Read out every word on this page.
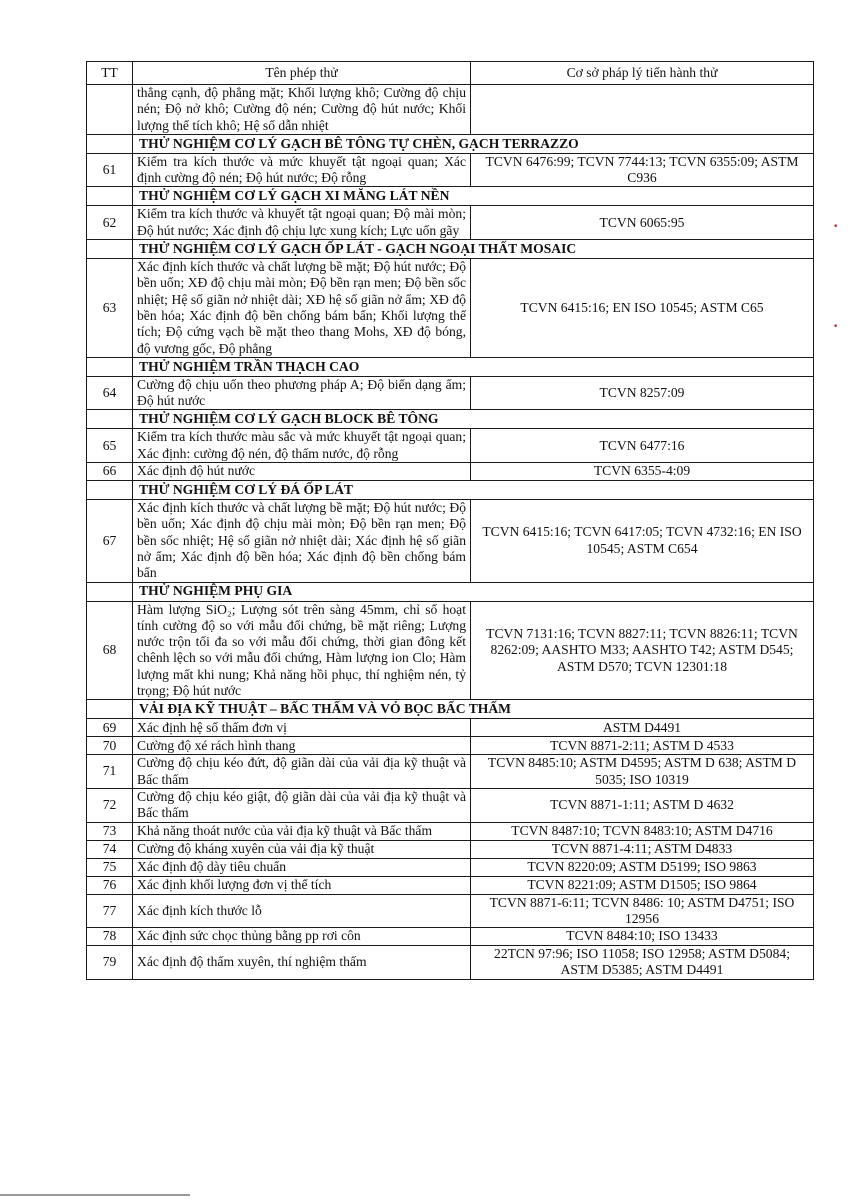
TT	Tên phép thử	Cơ sở pháp lý tiến hành thử
	thẳng cạnh, độ phẳng mặt; Khối lượng khô; Cường độ chịu nén; Độ nở khô; Cường độ nén; Cường độ hút nước; Khối lượng thể tích khô; Hệ số dẫn nhiệt	
	THỬ NGHIỆM CƠ LÝ GẠCH BÊ TÔNG TỰ CHÈN, GẠCH TERRAZZO	
61	Kiểm tra kích thước và mức khuyết tật ngoại quan; Xác định cường độ nén; Độ hút nước; Độ rỗng	TCVN 6476:99; TCVN 7744:13; TCVN 6355:09; ASTM C936
	THỬ NGHIỆM CƠ LÝ GẠCH XI MĂNG LÁT NỀN	
62	Kiểm tra kích thước và khuyết tật ngoại quan; Độ mài mòn; Độ hút nước; Xác định độ chịu lực xung kích; Lực uốn gãy	TCVN 6065:95
	THỬ NGHIỆM CƠ LÝ GẠCH ỐP LÁT - GẠCH NGOẠI THẤT MOSAIC	
63	Xác định kích thước và chất lượng bề mặt; Độ hút nước; Độ bền uốn; XĐ độ chịu mài mòn; Độ bền rạn men; Độ bền sốc nhiệt; Hệ số giãn nở nhiệt dài; XĐ hệ số giãn nở ẩm; XĐ độ bền hóa; Xác định độ bền chống bám bẩn; Khối lượng thể tích; Độ cứng vạch bề mặt theo thang Mohs, XĐ độ bóng, độ vương gốc, Độ phẳng	TCVN 6415:16; EN ISO 10545; ASTM C65
	THỬ NGHIỆM TRẦN THẠCH CAO	
64	Cường độ chịu uốn theo phương pháp A; Độ biến dạng ẩm; Độ hút nước	TCVN 8257:09
	THỬ NGHIỆM CƠ LÝ GẠCH BLOCK BÊ TÔNG	
65	Kiểm tra kích thước màu sắc và mức khuyết tật ngoại quan; Xác định: cường độ nén, độ thấm nước, độ rỗng	TCVN 6477:16
66	Xác định độ hút nước	TCVN 6355-4:09
	THỬ NGHIỆM CƠ LÝ ĐÁ ỐP LÁT	
67	Xác định kích thước và chất lượng bề mặt; Độ hút nước; Độ bền uốn; Xác định độ chịu mài mòn; Độ bền rạn men; Độ bền sốc nhiệt; Hệ số giãn nở nhiệt dài; Xác định hệ số giãn nở ẩm; Xác định độ bền hóa; Xác định độ bền chống bám bẩn	TCVN 6415:16; TCVN 6417:05; TCVN 4732:16; EN ISO 10545; ASTM C654
	THỬ NGHIỆM PHỤ GIA	
68	Hàm lượng SiO₂; Lượng sót trên sàng 45mm, chỉ số hoạt tính cường độ so với mẫu đối chứng, bề mặt riêng; Lượng nước trộn tối đa so với mẫu đối chứng, thời gian đông kết chênh lệch so với mẫu đối chứng, Hàm lượng ion Clo; Hàm lượng mất khi nung; Khả năng hồi phục, thí nghiệm nén, tỷ trọng; Độ hút nước	TCVN 7131:16; TCVN 8827:11; TCVN 8826:11; TCVN 8262:09; AASHTO M33; AASHTO T42; ASTM D545; ASTM D570; TCVN 12301:18
	VẢI ĐỊA KỸ THUẬT – BẤC THẤM VÀ VỎ BỌC BẤC THẤM	
69	Xác định hệ số thấm đơn vị	ASTM D4491
70	Cường độ xé rách hình thang	TCVN 8871-2:11; ASTM D 4533
71	Cường độ chịu kéo đứt, độ giãn dài của vải địa kỹ thuật và Bấc thấm	TCVN 8485:10; ASTM D4595; ASTM D 638; ASTM D 5035; ISO 10319
72	Cường độ chịu kéo giật, độ giãn dài của vải địa kỹ thuật và Bấc thấm	TCVN 8871-1:11; ASTM D 4632
73	Khả năng thoát nước của vải địa kỹ thuật và Bấc thấm	TCVN 8487:10; TCVN 8483:10; ASTM D4716
74	Cường độ kháng xuyên của vải địa kỹ thuật	TCVN 8871-4:11; ASTM D4833
75	Xác định độ dày tiêu chuẩn	TCVN 8220:09; ASTM D5199; ISO 9863
76	Xác định khối lượng đơn vị thể tích	TCVN 8221:09; ASTM D1505; ISO 9864
77	Xác định kích thước lỗ	TCVN 8871-6:11; TCVN 8486: 10; ASTM D4751; ISO 12956
78	Xác định sức chọc thủng bằng pp rơi côn	TCVN 8484:10; ISO 13433
79	Xác định độ thấm xuyên, thí nghiệm thấm	22TCN 97:96; ISO 11058; ISO 12958; ASTM D5084; ASTM D5385; ASTM D4491
•
•
